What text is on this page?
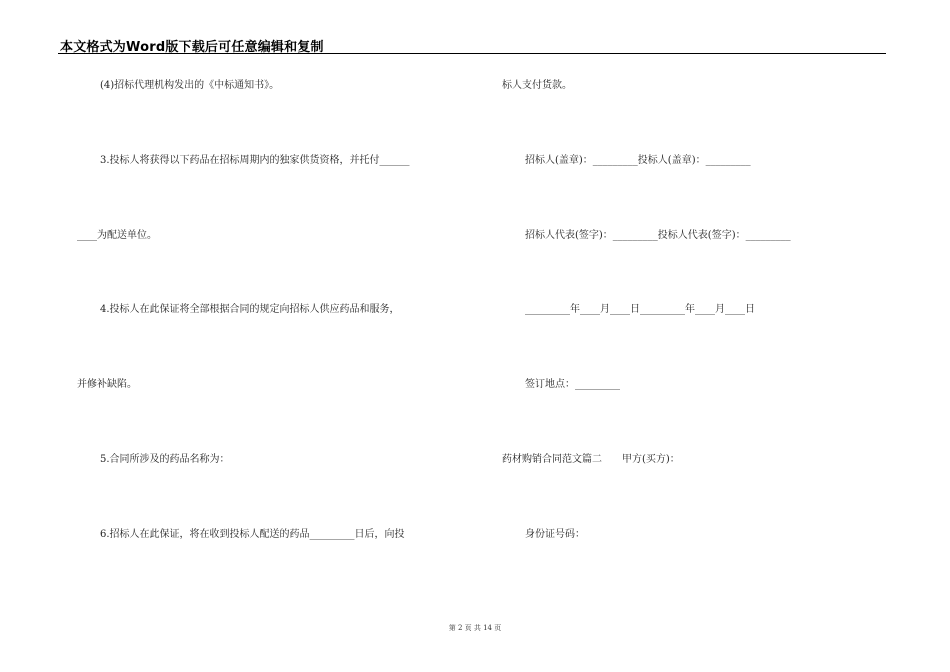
本文格式为Word版下载后可任意编辑和复制
(4)招标代理机构发出的《中标通知书》。
3.投标人将获得以下药品在招标周期内的独家供货资格，并托付______
____为配送单位。
4.投标人在此保证将全部根据合同的规定向招标人供应药品和服务，
并修补缺陷。
5.合同所涉及的药品名称为：
6.招标人在此保证，将在收到投标人配送的药品_________日后，向投
标人支付货款。
招标人(盖章)：_________投标人(盖章)：_________
招标人代表(签字)：_________投标人代表(签字)：_________
_________年____月____日_________年____月____日
签订地点：_________
药材购销合同范文篇二　　甲方(买方)：
身份证号码：
第 2 页 共 14 页
